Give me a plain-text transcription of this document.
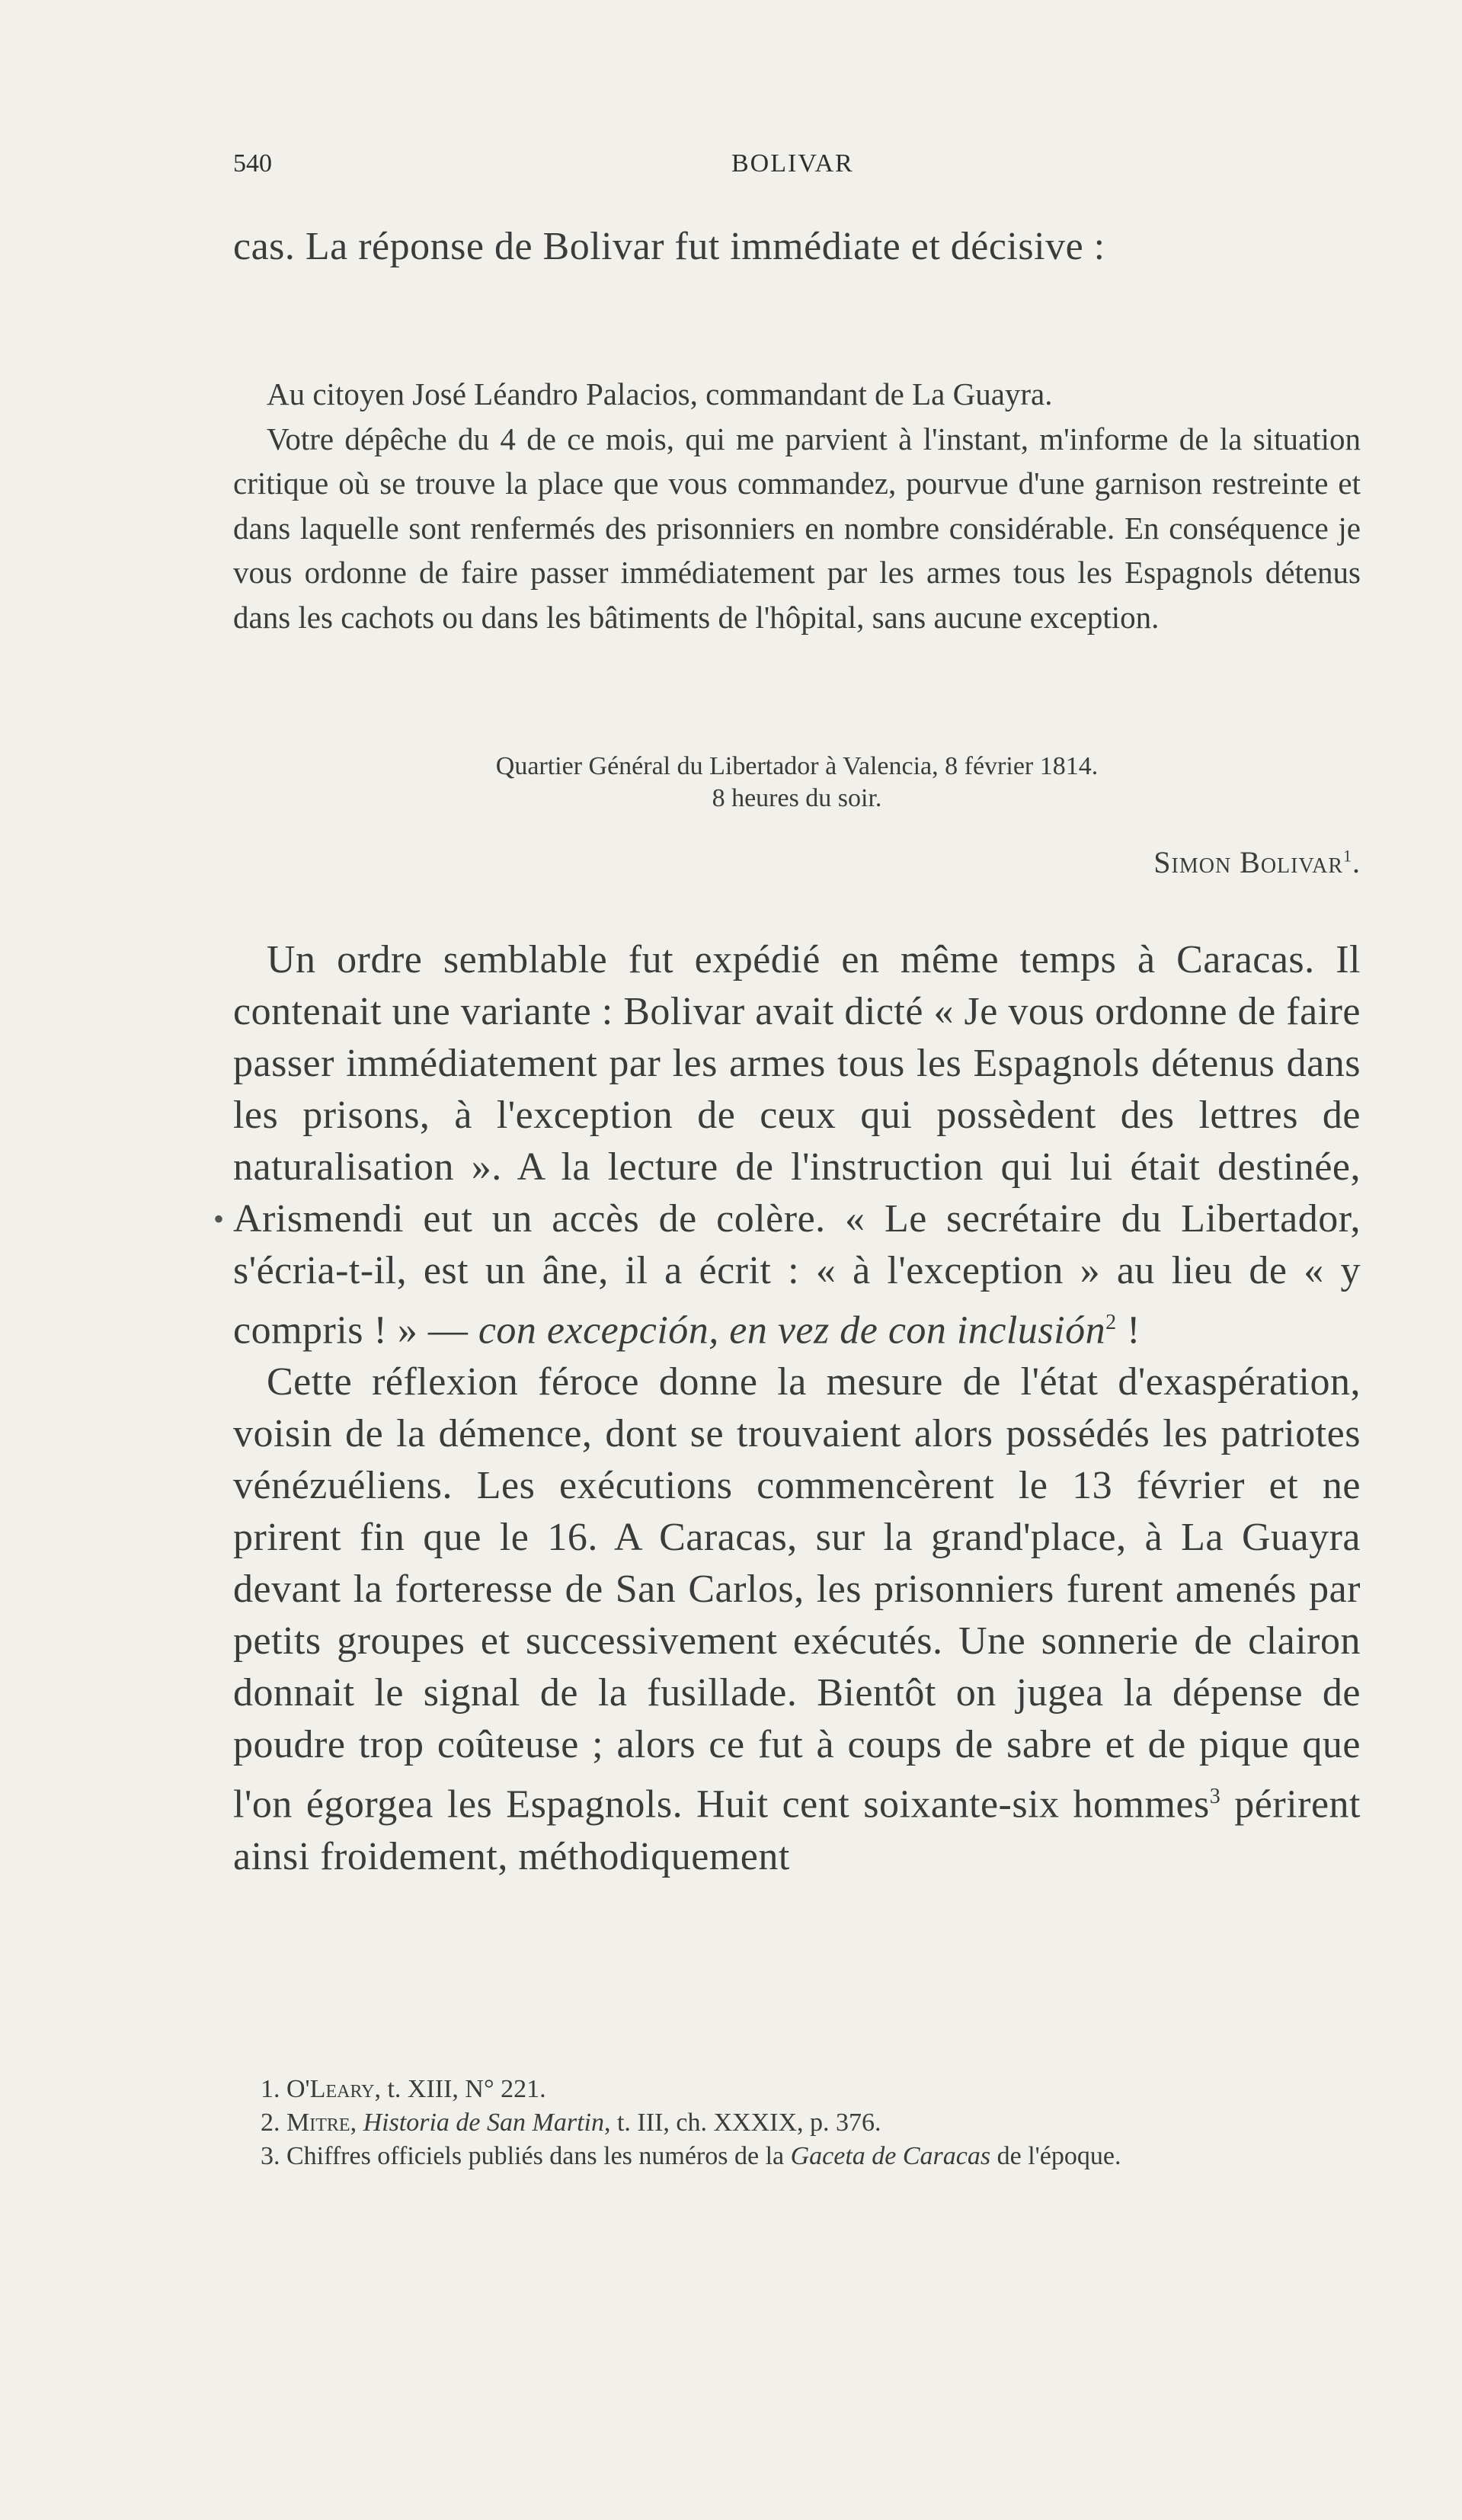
540	BOLIVAR

cas. La réponse de Bolivar fut immédiate et décisive :

Au citoyen José Léandro Palacios, commandant de La Guayra.

Votre dépêche du 4 de ce mois, qui me parvient à l'instant, m'informe de la situation critique où se trouve la place que vous commandez, pourvue d'une garnison restreinte et dans laquelle sont renfermés des prisonniers en nombre considérable. En conséquence je vous ordonne de faire passer immédiatement par les armes tous les Espagnols détenus dans les cachots ou dans les bâtiments de l'hôpital, sans aucune exception.

Quartier Général du Libertador à Valencia, 8 février 1814.
8 heures du soir.
Simon Bolivar$^1$.
•

Un ordre semblable fut expédié en même temps à Caracas. Il contenait une variante : Bolivar avait dicté « Je vous ordonne de faire passer immédiatement par les armes tous les Espagnols détenus dans les prisons, à l'exception de ceux qui possèdent des lettres de naturalisation ». A la lecture de l'instruction qui lui était destinée, Arismendi eut un accès de colère. « Le secrétaire du Libertador, s'écria-t-il, est un âne, il a écrit : « à l'exception » au lieu de « y compris ! » — con excepción, en vez de con inclusión$^2$ !

Cette réflexion féroce donne la mesure de l'état d'exaspération, voisin de la démence, dont se trouvaient alors possédés les patriotes vénézuéliens. Les exécutions commencèrent le 13 février et ne prirent fin que le 16. A Caracas, sur la grand'place, à La Guayra devant la forteresse de San Carlos, les prisonniers furent amenés par petits groupes et successivement exécutés. Une sonnerie de clairon donnait le signal de la fusillade. Bientôt on jugea la dépense de poudre trop coûteuse ; alors ce fut à coups de sabre et de pique que l'on égorgea les Espagnols. Huit cent soixante-six hommes$^3$ périrent ainsi froidement, méthodiquement

1. O'Leary, t. XIII, N° 221.

2. Mitre, Historia de San Martin, t. III, ch. XXXIX, p. 376.

3. Chiffres officiels publiés dans les numéros de la Gaceta de Caracas de l'époque.
